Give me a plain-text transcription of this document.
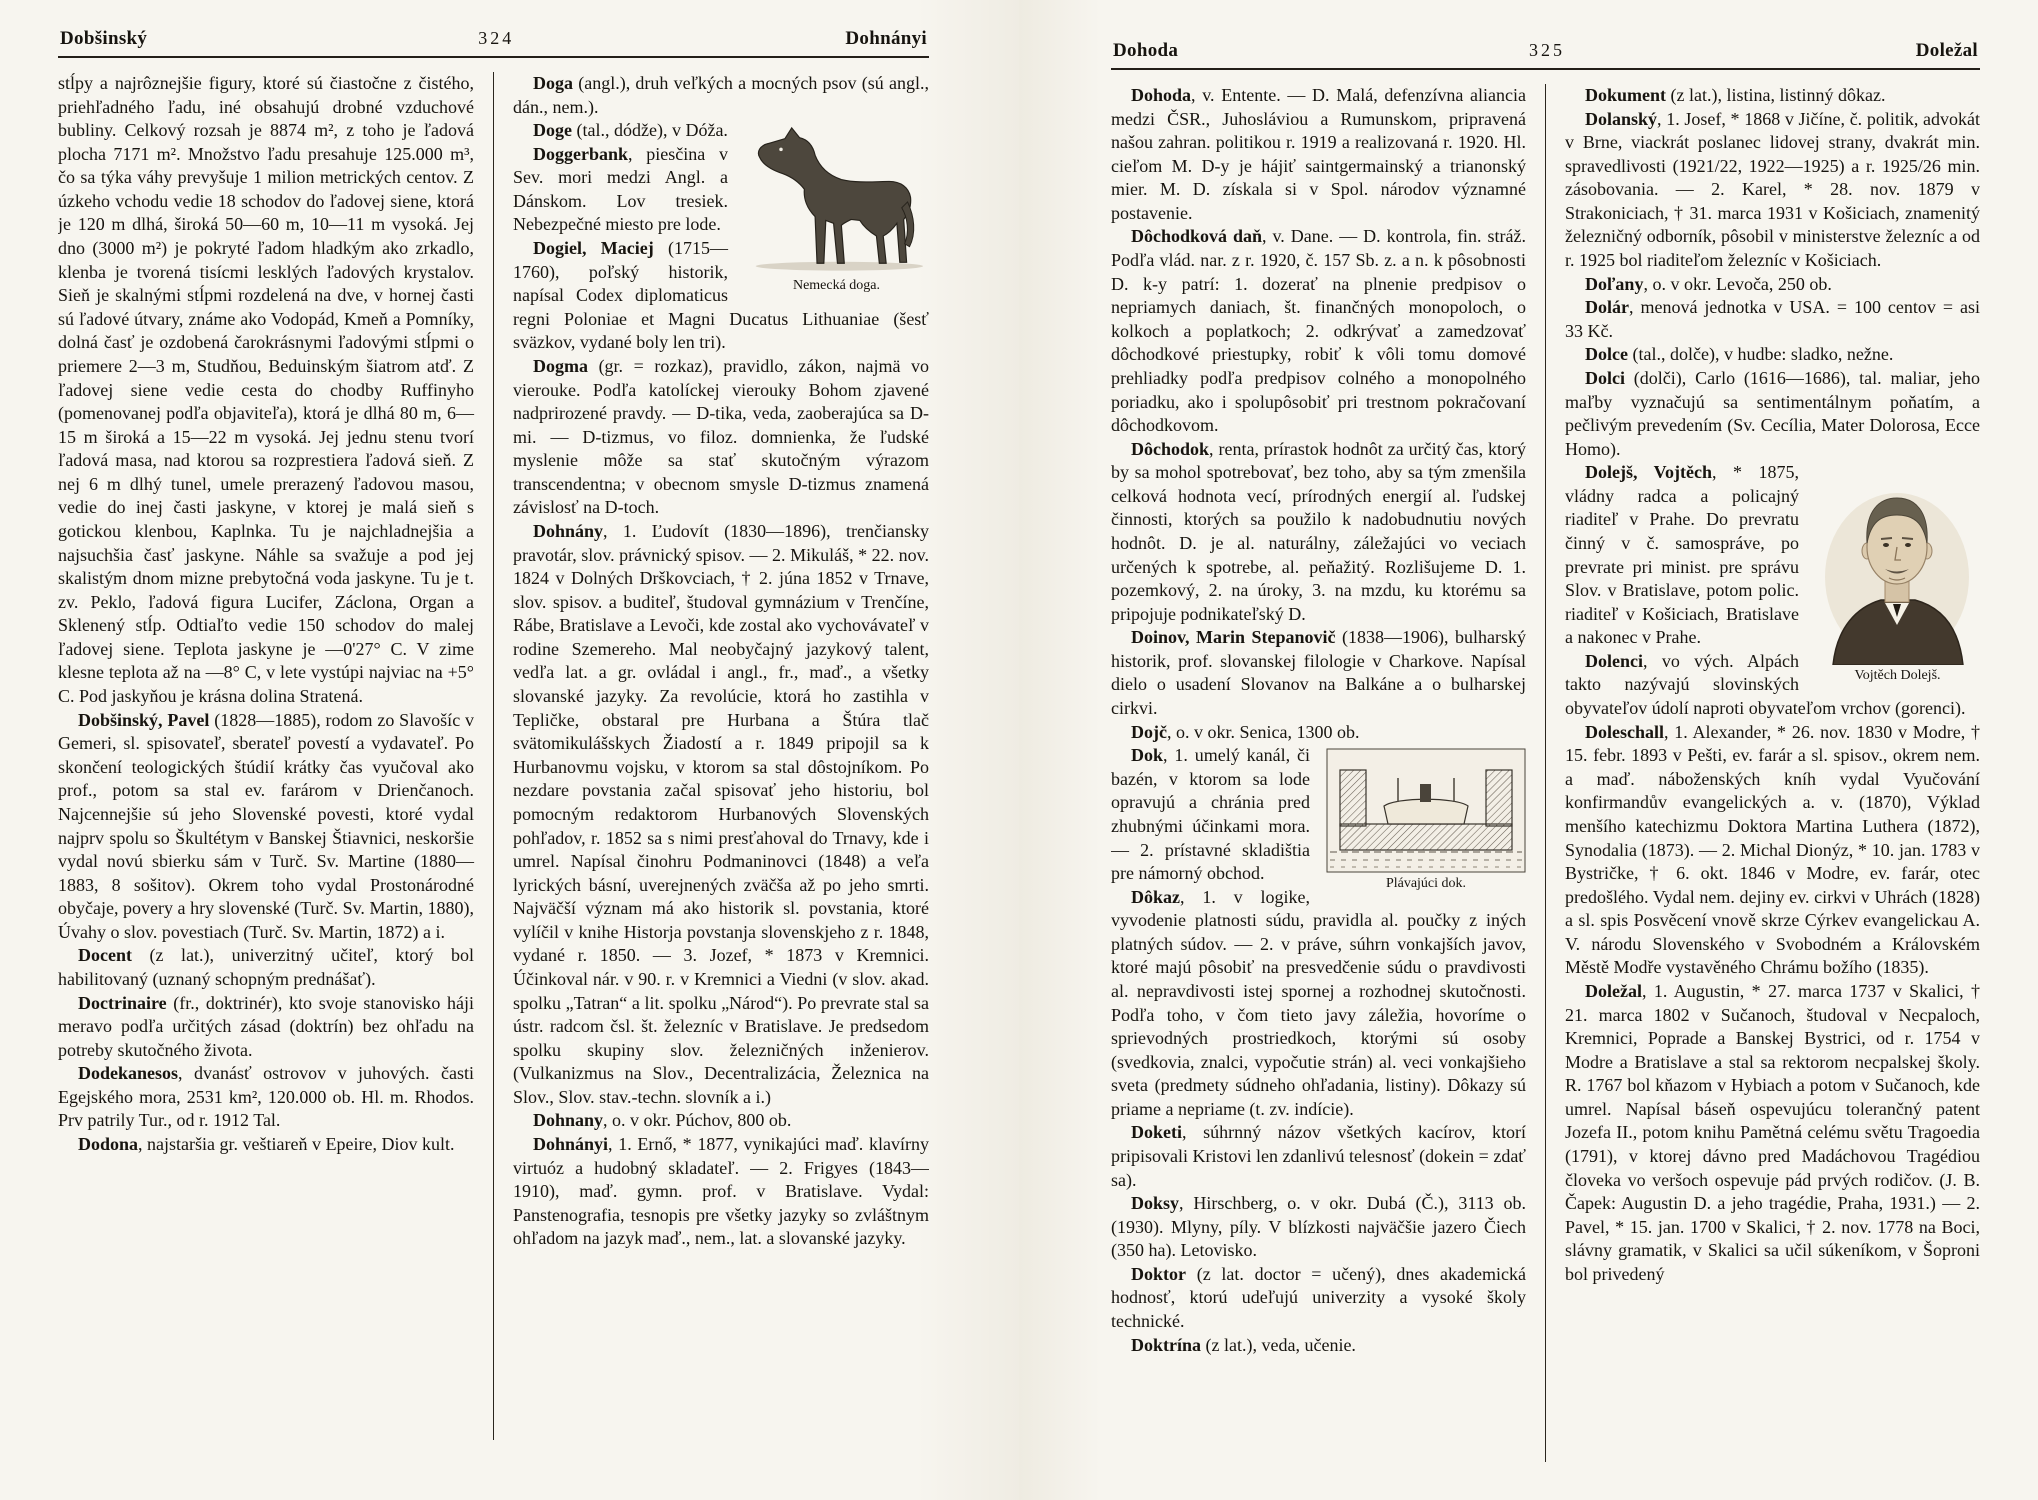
Dobšinský	324	Dohnányi

stĺpy a najrôznejšie figury, ktoré sú čiastočne z čistého, priehľadného ľadu, iné obsahujú drobné vzduchové bubliny. Celkový rozsah je 8874 m², z toho je ľadová plocha 7171 m². Množstvo ľadu presahuje 125.000 m³, čo sa týka váhy prevyšuje 1 milion metrických centov. Z úzkeho vchodu vedie 18 schodov do ľadovej siene, ktorá je 120 m dlhá, široká 50—60 m, 10—11 m vysoká. Jej dno (3000 m²) je pokryté ľadom hladkým ako zrkadlo, klenba je tvorená tisícmi lesklých ľadových krystalov. Sieň je skalnými stĺpmi rozdelená na dve, v hornej časti sú ľadové útvary, známe ako Vodopád, Kmeň a Pomníky, dolná časť je ozdobená čarokrásnymi ľadovými stĺpmi o priemere 2—3 m, Studňou, Beduinským šiatrom atď. Z ľadovej siene vedie cesta do chodby Ruffinyho (pomenovanej podľa objaviteľa), ktorá je dlhá 80 m, 6—15 m široká a 15—22 m vysoká. Jej jednu stenu tvorí ľadová masa, nad ktorou sa rozprestiera ľadová sieň. Z nej 6 m dlhý tunel, umele prerazený ľadovou masou, vedie do inej časti jaskyne, v ktorej je malá sieň s gotickou klenbou, Kaplnka. Tu je najchladnejšia a najsuchšia časť jaskyne. Náhle sa svažuje a pod jej skalistým dnom mizne prebytočná voda jaskyne. Tu je t. zv. Peklo, ľadová figura Lucifer, Záclona, Organ a Sklenený stĺp. Odtiaľto vedie 150 schodov do malej ľadovej siene. Teplota jaskyne je —0'27° C. V zime klesne teplota až na —8° C, v lete vystúpi najviac na +5° C. Pod jaskyňou je krásna dolina Stratená.

Dobšinský, Pavel (1828—1885), rodom zo Slavošíc v Gemeri, sl. spisovateľ, sberateľ povestí a vydavateľ. Po skončení teologických štúdií krátky čas vyučoval ako prof., potom sa stal ev. farárom v Drienčanoch. Najcennejšie sú jeho Slovenské povesti, ktoré vydal najprv spolu so Škultétym v Banskej Štiavnici, neskoršie vydal novú sbierku sám v Turč. Sv. Martine (1880—1883, 8 sošitov). Okrem toho vydal Prostonárodné obyčaje, povery a hry slovenské (Turč. Sv. Martin, 1880), Úvahy o slov. povestiach (Turč. Sv. Martin, 1872) a i.

Docent (z lat.), univerzitný učiteľ, ktorý bol habilitovaný (uznaný schopným prednášať).

Doctrinaire (fr., doktrinér), kto svoje stanovisko háji meravo podľa určitých zásad (doktrín) bez ohľadu na potreby skutočného života.

Dodekanesos, dvanásť ostrovov v juhových. časti Egejského mora, 2531 km², 120.000 ob. Hl. m. Rhodos. Prv patrily Tur., od r. 1912 Tal.

Dodona, najstaršia gr. veštiareň v Epeire, Diov kult.

Doga (angl.), druh veľkých a mocných psov (sú angl., dán., nem.).

Nemecká doga.

Doge (tal., dódže), v Dóža.

Doggerbank, piesčina v Sev. mori medzi Angl. a Dánskom. Lov tresiek. Nebezpečné miesto pre lode.

Dogiel, Maciej (1715—1760), poľský historik, napísal Codex diplomaticus regni Poloniae et Magni Ducatus Lithuaniae (šesť sväzkov, vydané boly len tri).

Dogma (gr. = rozkaz), pravidlo, zákon, najmä vo vierouke. Podľa katolíckej vierouky Bohom zjavené nadprirozené pravdy. — D-tika, veda, zaoberajúca sa D-mi. — D-tizmus, vo filoz. domnienka, že ľudské myslenie môže sa stať skutočným výrazom transcendentna; v obecnom smysle D-tizmus znamená závislosť na D-toch.

Dohnány, 1. Ľudovít (1830—1896), trenčiansky pravotár, slov. právnický spisov. — 2. Mikuláš, * 22. nov. 1824 v Dolných Drškovciach, † 2. júna 1852 v Trnave, slov. spisov. a buditeľ, študoval gymnázium v Trenčíne, Rábe, Bratislave a Levoči, kde zostal ako vychovávateľ v rodine Szemereho. Mal neobyčajný jazykový talent, vedľa lat. a gr. ovládal i angl., fr., maď., a všetky slovanské jazyky. Za revolúcie, ktorá ho zastihla v Tepličke, obstaral pre Hurbana a Štúra tlač svätomikulášskych Žiadostí a r. 1849 pripojil sa k Hurbanovmu vojsku, v ktorom sa stal dôstojníkom. Po nezdare povstania začal spisovať jeho historiu, bol pomocným redaktorom Hurbanových Slovenských pohľadov, r. 1852 sa s nimi presťahoval do Trnavy, kde i umrel. Napísal činohru Podmaninovci (1848) a veľa lyrických básní, uverejnených zväčša až po jeho smrti. Najväčší význam má ako historik sl. povstania, ktoré vylíčil v knihe Historja povstanja slovenskjeho z r. 1848, vydané r. 1850. — 3. Jozef, * 1873 v Kremnici. Účinkoval nár. v 90. r. v Kremnici a Viedni (v slov. akad. spolku „Tatran“ a lit. spolku „Národ“). Po prevrate stal sa ústr. radcom čsl. št. železníc v Bratislave. Je predsedom spolku skupiny slov. železničných inženierov. (Vulkanizmus na Slov., Decentralizácia, Železnica na Slov., Slov. stav.-techn. slovník a i.)

Dohnany, o. v okr. Púchov, 800 ob.

Dohnányi, 1. Ernő, * 1877, vynikajúci maď. klavírny virtuóz a hudobný skladateľ. — 2. Frigyes (1843—1910), maď. gymn. prof. v Bratislave. Vydal: Panstenografia, tesnopis pre všetky jazyky so zvláštnym ohľadom na jazyk maď., nem., lat. a slovanské jazyky.

Dohoda	325	Doležal

Dohoda, v. Entente. — D. Malá, defenzívna aliancia medzi ČSR., Juhosláviou a Rumunskom, pripravená našou zahran. politikou r. 1919 a realizovaná r. 1920. Hl. cieľom M. D-y je hájiť saintgermainský a trianonský mier. M. D. získala si v Spol. národov významné postavenie.

Dôchodková daň, v. Dane. — D. kontrola, fin. stráž. Podľa vlád. nar. z r. 1920, č. 157 Sb. z. a n. k pôsobnosti D. k-y patrí: 1. dozerať na plnenie predpisov o nepriamych daniach, št. finančných monopoloch, o kolkoch a poplatkoch; 2. odkrývať a zamedzovať dôchodkové priestupky, robiť k vôli tomu domové prehliadky podľa predpisov colného a monopolného poriadku, ako i spolupôsobiť pri trestnom pokračovaní dôchodkovom.

Dôchodok, renta, prírastok hodnôt za určitý čas, ktorý by sa mohol spotrebovať, bez toho, aby sa tým zmenšila celková hodnota vecí, prírodných energií al. ľudskej činnosti, ktorých sa použilo k nadobudnutiu nových hodnôt. D. je al. naturálny, záležajúci vo veciach určených k spotrebe, al. peňažitý. Rozlišujeme D. 1. pozemkový, 2. na úroky, 3. na mzdu, ku ktorému sa pripojuje podnikateľský D.

Doinov, Marin Stepanovič (1838—1906), bulharský historik, prof. slovanskej filologie v Charkove. Napísal dielo o usadení Slovanov na Balkáne a o bulharskej cirkvi.

Dojč, o. v okr. Senica, 1300 ob.

Plávajúci dok.

Dok, 1. umelý kanál, či bazén, v ktorom sa lode opravujú a chránia pred zhubnými účinkami mora. — 2. prístavné skladištia pre námorný obchod.

Dôkaz, 1. v logike, vyvodenie platnosti súdu, pravidla al. poučky z iných platných súdov. — 2. v práve, súhrn vonkajších javov, ktoré majú pôsobiť na presvedčenie súdu o pravdivosti al. nepravdivosti istej spornej a rozhodnej skutočnosti. Podľa toho, v čom tieto javy záležia, hovoríme o sprievodných prostriedkoch, ktorými sú osoby (svedkovia, znalci, vypočutie strán) al. veci vonkajšieho sveta (predmety súdneho ohľadania, listiny). Dôkazy sú priame a nepriame (t. zv. indície).

Doketi, súhrnný názov všetkých kacírov, ktorí pripisovali Kristovi len zdanlivú telesnosť (dokein = zdať sa).

Doksy, Hirschberg, o. v okr. Dubá (Č.), 3113 ob. (1930). Mlyny, píly. V blízkosti najväčšie jazero Čiech (350 ha). Letovisko.

Doktor (z lat. doctor = učený), dnes akademická hodnosť, ktorú udeľujú univerzity a vysoké školy technické.

Doktrína (z lat.), veda, učenie.

Dokument (z lat.), listina, listinný dôkaz.

Dolanský, 1. Josef, * 1868 v Jičíne, č. politik, advokát v Brne, viackrát poslanec lidovej strany, dvakrát min. spravedlivosti (1921/22, 1922—1925) a r. 1925/26 min. zásobovania. — 2. Karel, * 28. nov. 1879 v Strakoniciach, † 31. marca 1931 v Košiciach, znamenitý železničný odborník, pôsobil v ministerstve železníc a od r. 1925 bol riaditeľom železníc v Košiciach.

Doľany, o. v okr. Levoča, 250 ob.

Dolár, menová jednotka v USA. = 100 centov = asi 33 Kč.

Dolce (tal., dolče), v hudbe: sladko, nežne.

Dolci (dolči), Carlo (1616—1686), tal. maliar, jeho maľby vyznačujú sa sentimentálnym poňatím, a pečlivým prevedením (Sv. Cecília, Mater Dolorosa, Ecce Homo).

Vojtěch Dolejš.

Dolejš, Vojtěch, * 1875, vládny radca a policajný riaditeľ v Prahe. Do prevratu činný v č. samospráve, po prevrate pri minist. pre správu Slov. v Bratislave, potom polic. riaditeľ v Košiciach, Bratislave a nakonec v Prahe.

Dolenci, vo vých. Alpách takto nazývajú slovinských obyvateľov údolí naproti obyvateľom vrchov (gorenci).

Doleschall, 1. Alexander, * 26. nov. 1830 v Modre, † 15. febr. 1893 v Pešti, ev. farár a sl. spisov., okrem nem. a maď. náboženských kníh vydal Vyučování konfirmandův evangelických a. v. (1870), Výklad menšího katechizmu Doktora Martina Luthera (1872), Synodalia (1873). — 2. Michal Dionýz, * 10. jan. 1783 v Bystričke, † 6. okt. 1846 v Modre, ev. farár, otec predošlého. Vydal nem. dejiny ev. cirkvi v Uhrách (1828) a sl. spis Posvěcení vnově skrze Cýrkev evangelickau A. V. národu Slovenského v Svobodném a Královském Městě Modře vystavěného Chrámu božího (1835).

Doležal, 1. Augustin, * 27. marca 1737 v Skalici, † 21. marca 1802 v Sučanoch, študoval v Necpaloch, Kremnici, Poprade a Banskej Bystrici, od r. 1754 v Modre a Bratislave a stal sa rektorom necpalskej školy. R. 1767 bol kňazom v Hybiach a potom v Sučanoch, kde umrel. Napísal báseň ospevujúcu tolerančný patent Jozefa II., potom knihu Pamětná celému světu Tragoedia (1791), v ktorej dávno pred Madáchovou Tragédiou človeka vo veršoch ospevuje pád prvých rodičov. (J. B. Čapek: Augustin D. a jeho tragédie, Praha, 1931.) — 2. Pavel, * 15. jan. 1700 v Skalici, † 2. nov. 1778 na Boci, slávny gramatik, v Skalici sa učil súkeníkom, v Šoproni bol privedený
